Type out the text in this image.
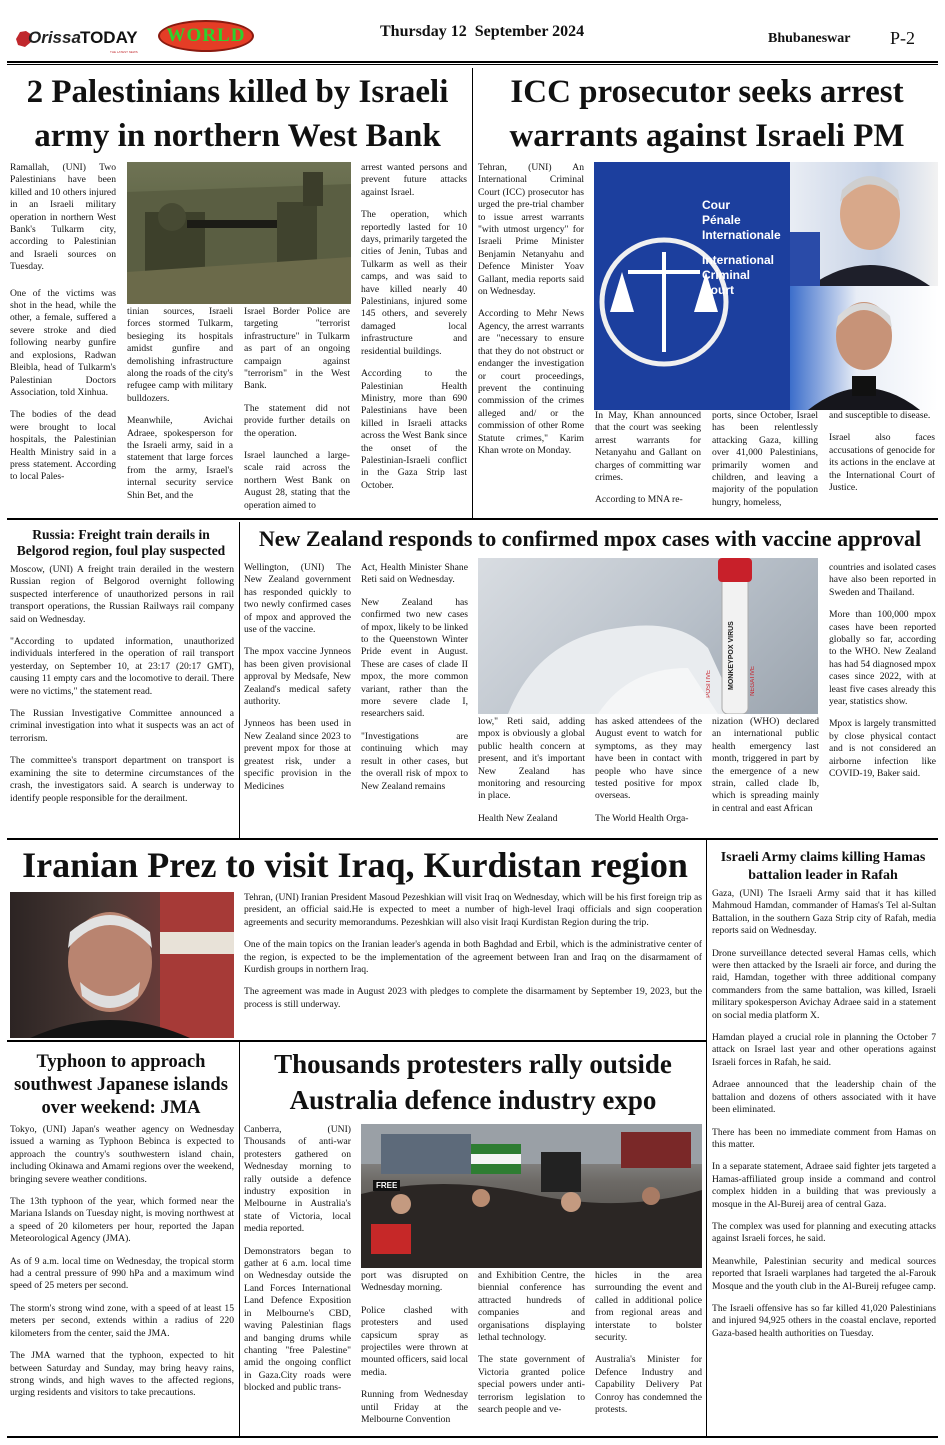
Orissa TODAY
THE LATEST NEWS
WORLD	Thursday 12  September 2024	Bhubaneswar P-2
2 Palestinians killed by Israeli army in northern West Bank

Ramallah, (UNI) Two Palestinians have been killed and 10 others injured in an Israeli military operation in northern West Bank's Tulkarm city, according to Palestinian and Israeli sources on Tuesday.

One of the victims was shot in the head, while the other, a female, suffered a severe stroke and died following nearby gunfire and explosions, Radwan Bleibla, head of Tulkarm's Palestinian Doctors Association, told Xinhua.

The bodies of the dead were brought to local hospitals, the Palestinian Health Ministry said in a press statement. According to local Pales-

tinian sources, Israeli forces stormed Tulkarm, besieging its hospitals amidst gunfire and demolishing infrastructure along the roads of the city's refugee camp with military bulldozers.

Meanwhile, Avichai Adraee, spokesperson for the Israeli army, said in a statement that large forces from the army, Israel's internal security service Shin Bet, and the

Israel Border Police are targeting "terrorist infrastructure" in Tulkarm as part of an ongoing campaign against "terrorism" in the West Bank.

The statement did not provide further details on the operation.

Israel launched a large-scale raid across the northern West Bank on August 28, stating that the operation aimed to

arrest wanted persons and prevent future attacks against Israel.

The operation, which reportedly lasted for 10 days, primarily targeted the cities of Jenin, Tubas and Tulkarm as well as their camps, and was said to have killed nearly 40 Palestinians, injured some 145 others, and severely damaged local infrastructure and residential buildings.

According to the Palestinian Health Ministry, more than 690 Palestinians have been killed in Israeli attacks across the West Bank since the onset of the Palestinian-Israeli conflict in the Gaza Strip last October.

ICC prosecutor seeks arrest warrants against Israeli PM
Cour
Pénale
Internationale
International
Criminal
Court

Tehran, (UNI) An International Criminal Court (ICC) prosecutor has urged the pre-trial chamber to issue arrest warrants "with utmost urgency" for Israeli Prime Minister Benjamin Netanyahu and Defence Minister Yoav Gallant, media reports said on Wednesday.

According to Mehr News Agency, the arrest warrants are "necessary to ensure that they do not obstruct or endanger the investigation or court proceedings, prevent the continuing commission of the crimes alleged and/ or the commission of other Rome Statute crimes," Karim Khan wrote on Monday.

In May, Khan announced that the court was seeking arrest warrants for Netanyahu and Gallant on charges of committing war crimes.

According to MNA re-

ports, since October, Israel has been relentlessly attacking Gaza, killing over 41,000 Palestinians, primarily women and children, and leaving a majority of the population hungry, homeless,

and susceptible to disease.

Israel also faces accusations of genocide for its actions in the enclave at the International Court of Justice.

Russia: Freight train derails in Belgorod region, foul play suspected

Moscow, (UNI) A freight train derailed in the western Russian region of Belgorod overnight following suspected interference of unauthorized persons in rail transport operations, the Russian Railways rail company said on Wednesday.

"According to updated information, unauthorized individuals interfered in the operation of rail transport yesterday, on September 10, at 23:17 (20:17 GMT), causing 11 empty cars and the locomotive to derail. There were no victims," the statement read.

The Russian Investigative Committee announced a criminal investigation into what it suspects was an act of terrorism.

The committee's transport department on transport is examining the site to determine circumstances of the crash, the investigators said. A search is underway to identify people responsible for the derailment.

New Zealand responds to confirmed mpox cases with vaccine approval
MONKEYPOX VIRUS
POSITIVE	NEGATIVE

Wellington, (UNI) The New Zealand government has responded quickly to two newly confirmed cases of mpox and approved the use of the vaccine.

The mpox vaccine Jynneos has been given provisional approval by Medsafe, New Zealand's medical safety authority.

Jynneos has been used in New Zealand since 2023 to prevent mpox for those at greatest risk, under a specific provision in the Medicines

Act, Health Minister Shane Reti said on Wednesday.

New Zealand has confirmed two new cases of mpox, likely to be linked to the Queenstown Winter Pride event in August. These are cases of clade II mpox, the more common variant, rather than the more severe clade I, researchers said.

"Investigations are continuing which may result in other cases, but the overall risk of mpox to New Zealand remains

low," Reti said, adding mpox is obviously a global public health concern at present, and it's important New Zealand has monitoring and resourcing in place.

Health New Zealand

has asked attendees of the August event to watch for symptoms, as they may have been in contact with people who have since tested positive for mpox overseas.

The World Health Orga-

nization (WHO) declared an international public health emergency last month, triggered in part by the emergence of a new strain, called clade Ib, which is spreading mainly in central and east African

countries and isolated cases have also been reported in Sweden and Thailand.

More than 100,000 mpox cases have been reported globally so far, according to the WHO. New Zealand has had 54 diagnosed mpox cases since 2022, with at least five cases already this year, statistics show.

Mpox is largely transmitted by close physical contact and is not considered an airborne infection like COVID-19, Baker said.

Iranian Prez to visit Iraq, Kurdistan region

Tehran, (UNI) Iranian President Masoud Pezeshkian will visit Iraq on Wednesday, which will be his first foreign trip as president, an official said.He is expected to meet a number of high-level Iraqi officials and sign cooperation agreements and security memorandums. Pezeshkian will also visit Iraqi Kurdistan Region during the trip.

One of the main topics on the Iranian leader's agenda in both Baghdad and Erbil, which is the administrative center of the region, is expected to be the implementation of the agreement between Iran and Iraq on the disarmament of Kurdish groups in northern Iraq.

The agreement was made in August 2023 with pledges to complete the disarmament by September 19, 2023, but the process is still underway.

Israeli Army claims killing Hamas battalion leader in Rafah

Gaza, (UNI) The Israeli Army said that it has killed Mahmoud Hamdan, commander of Hamas's Tel al-Sultan Battalion, in the southern Gaza Strip city of Rafah, media reports said on Wednesday.

Drone surveillance detected several Hamas cells, which were then attacked by the Israeli air force, and during the raid, Hamdan, together with three additional company commanders from the same battalion, was killed, Israeli military spokesperson Avichay Adraee said in a statement on social media platform X.

Hamdan played a crucial role in planning the October 7 attack on Israel last year and other operations against Israeli forces in Rafah, he said.

Adraee announced that the leadership chain of the battalion and dozens of others associated with it have been eliminated.

There has been no immediate comment from Hamas on this matter.

In a separate statement, Adraee said fighter jets targeted a Hamas-affiliated group inside a command and control complex hidden in a building that was previously a mosque in the Al-Bureij area of central Gaza.

The complex was used for planning and executing attacks against Israeli forces, he said.

Meanwhile, Palestinian security and medical sources reported that Israeli warplanes had targeted the al-Farouk Mosque and the youth club in the Al-Bureij refugee camp.

The Israeli offensive has so far killed 41,020 Palestinians and injured 94,925 others in the coastal enclave, reported Gaza-based health authorities on Tuesday.

Typhoon to approach southwest Japanese islands over weekend: JMA

Tokyo, (UNI) Japan's weather agency on Wednesday issued a warning as Typhoon Bebinca is expected to approach the country's southwestern island chain, including Okinawa and Amami regions over the weekend, bringing severe weather conditions.

The 13th typhoon of the year, which formed near the Mariana Islands on Tuesday night, is moving northwest at a speed of 20 kilometers per hour, reported the Japan Meteorological Agency (JMA).

As of 9 a.m. local time on Wednesday, the tropical storm had a central pressure of 990 hPa and a maximum wind speed of 25 meters per second.

The storm's strong wind zone, with a speed of at least 15 meters per second, extends within a radius of 220 kilometers from the center, said the JMA.

The JMA warned that the typhoon, expected to hit between Saturday and Sunday, may bring heavy rains, strong winds, and high waves to the affected regions, urging residents and visitors to take precautions.

Thousands protesters rally outside Australia defence industry expo
FREE

Canberra, (UNI) Thousands of anti-war protesters gathered on Wednesday morning to rally outside a defence industry exposition in Melbourne in Australia's state of Victoria, local media reported.

Demonstrators began to gather at 6 a.m. local time on Wednesday outside the Land Forces International Land Defence Exposition in Melbourne's CBD, waving Palestinian flags and banging drums while chanting "free Palestine" amid the ongoing conflict in Gaza.City roads were blocked and public trans-

port was disrupted on Wednesday morning.

Police clashed with protesters and used capsicum spray as projectiles were thrown at mounted officers, said local media.

Running from Wednesday until Friday at the Melbourne Convention

and Exhibition Centre, the biennial conference has attracted hundreds of companies and organisations displaying lethal technology.

The state government of Victoria granted police special powers under anti-terrorism legislation to search people and ve-

hicles in the area surrounding the event and called in additional police from regional areas and interstate to bolster security.

Australia's Minister for Defence Industry and Capability Delivery Pat Conroy has condemned the protests.
